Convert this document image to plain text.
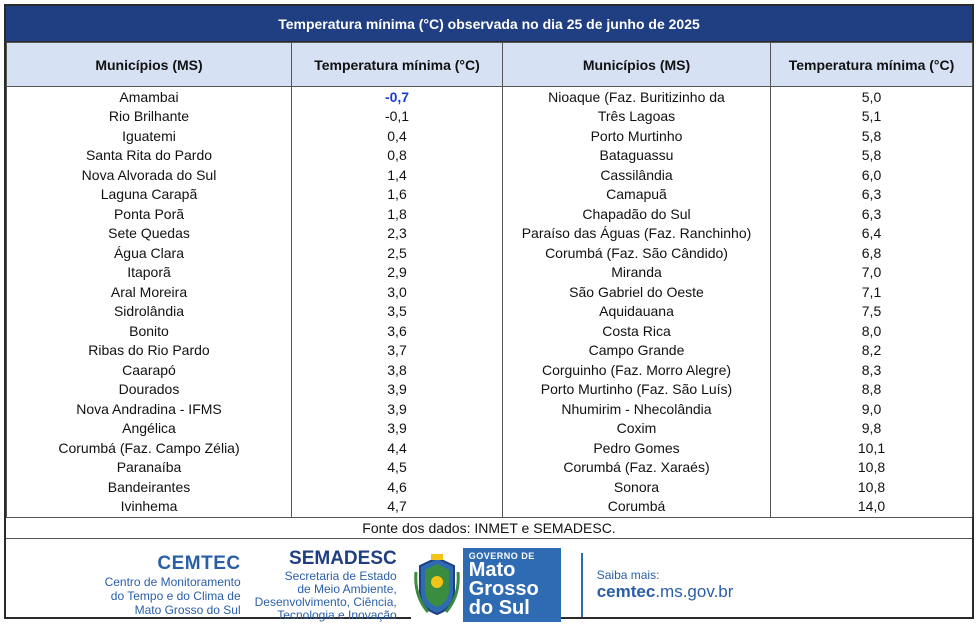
Temperatura mínima (°C) observada no dia 25 de junho de 2025
Municípios (MS)	Temperatura mínima (°C)	Municípios (MS)	Temperatura mínima (°C)
Amambai	-0,7	Nioaque (Faz. Buritizinho da	5,0
Rio Brilhante	-0,1	Três Lagoas	5,1
Iguatemi	0,4	Porto Murtinho	5,8
Santa Rita do Pardo	0,8	Bataguassu	5,8
Nova Alvorada do Sul	1,4	Cassilândia	6,0
Laguna Carapã	1,6	Camapuã	6,3
Ponta Porã	1,8	Chapadão do Sul	6,3
Sete Quedas	2,3	Paraíso das Águas (Faz. Ranchinho)	6,4
Água Clara	2,5	Corumbá (Faz. São Cândido)	6,8
Itaporã	2,9	Miranda	7,0
Aral Moreira	3,0	São Gabriel do Oeste	7,1
Sidrolândia	3,5	Aquidauana	7,5
Bonito	3,6	Costa Rica	8,0
Ribas do Rio Pardo	3,7	Campo Grande	8,2
Caarapó	3,8	Corguinho (Faz. Morro Alegre)	8,3
Dourados	3,9	Porto Murtinho (Faz. São Luís)	8,8
Nova Andradina - IFMS	3,9	Nhumirim - Nhecolândia	9,0
Angélica	3,9	Coxim	9,8
Corumbá (Faz. Campo Zélia)	4,4	Pedro Gomes	10,1
Paranaíba	4,5	Corumbá (Faz. Xaraés)	10,8
Bandeirantes	4,6	Sonora	10,8
Ivinhema	4,7	Corumbá	14,0
Fonte dos dados: INMET e SEMADESC.
CEMTEC
Centro de Monitoramento
do Tempo e do Clima de
Mato Grosso do Sul
SEMADESC
Secretaria de Estado
de Meio Ambiente,
Desenvolvimento, Ciência,
Tecnologia e Inovação
GOVERNO DE
Mato
Grosso
do Sul
Saiba mais:
cemtec.ms.gov.br
